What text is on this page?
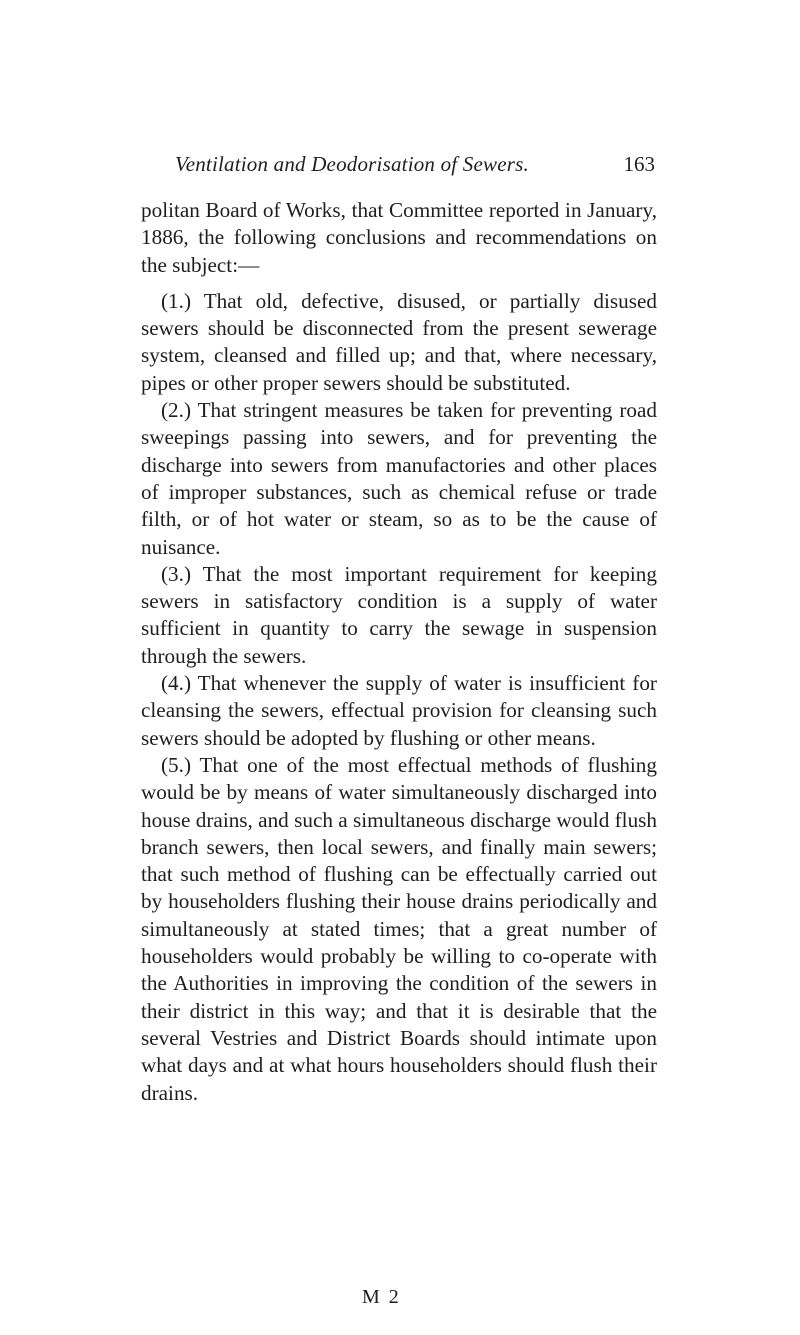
Ventilation and Deodorisation of Sewers.	163

politan Board of Works, that Committee reported in January, 1886, the following conclusions and recommendations on the subject:—

(1.) That old, defective, disused, or partially disused sewers should be disconnected from the present sewerage system, cleansed and filled up; and that, where necessary, pipes or other proper sewers should be substituted.

(2.) That stringent measures be taken for preventing road sweepings passing into sewers, and for preventing the discharge into sewers from manufactories and other places of improper substances, such as chemical refuse or trade filth, or of hot water or steam, so as to be the cause of nuisance.

(3.) That the most important requirement for keeping sewers in satisfactory condition is a supply of water sufficient in quantity to carry the sewage in suspension through the sewers.

(4.) That whenever the supply of water is insufficient for cleansing the sewers, effectual provision for cleansing such sewers should be adopted by flushing or other means.

(5.) That one of the most effectual methods of flushing would be by means of water simultaneously discharged into house drains, and such a simultaneous discharge would flush branch sewers, then local sewers, and finally main sewers; that such method of flushing can be effectually carried out by householders flushing their house drains periodically and simultaneously at stated times; that a great number of householders would probably be willing to co-operate with the Authorities in improving the condition of the sewers in their district in this way; and that it is desirable that the several Vestries and District Boards should intimate upon what days and at what hours householders should flush their drains.

M 2
